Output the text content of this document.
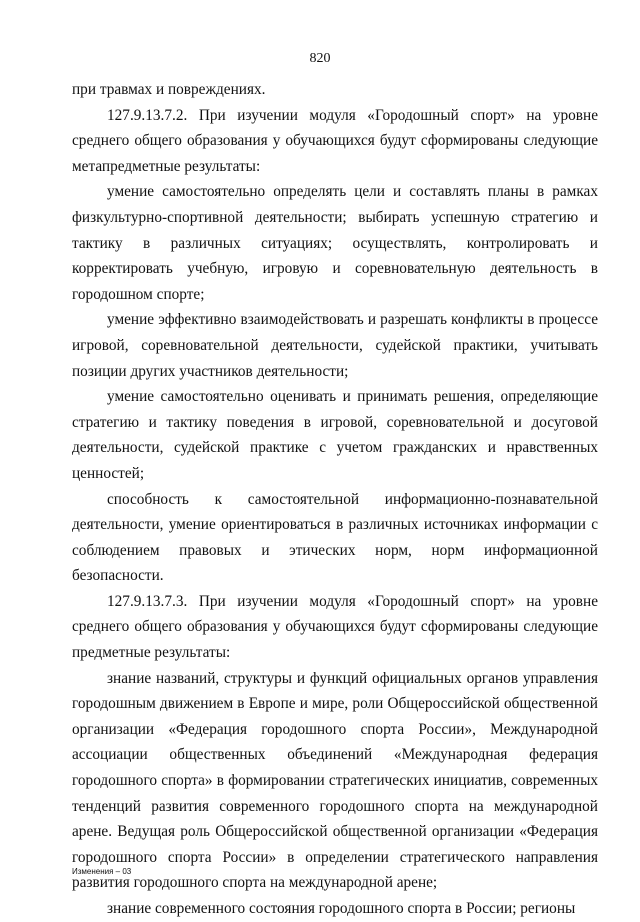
820

при травмах и повреждениях.

127.9.13.7.2. При изучении модуля «Городошный спорт» на уровне среднего общего образования у обучающихся будут сформированы следующие метапредметные результаты:

умение самостоятельно определять цели и составлять планы в рамках физкультурно-спортивной деятельности; выбирать успешную стратегию и тактику в различных ситуациях; осуществлять, контролировать и корректировать учебную, игровую и соревновательную деятельность в городошном спорте;

умение эффективно взаимодействовать и разрешать конфликты в процессе игровой, соревновательной деятельности, судейской практики, учитывать позиции других участников деятельности;

умение самостоятельно оценивать и принимать решения, определяющие стратегию и тактику поведения в игровой, соревновательной и досуговой деятельности, судейской практике с учетом гражданских и нравственных ценностей;

способность к самостоятельной информационно-познавательной деятельности, умение ориентироваться в различных источниках информации с соблюдением правовых и этических норм, норм информационной безопасности.

127.9.13.7.3. При изучении модуля «Городошный спорт» на уровне среднего общего образования у обучающихся будут сформированы следующие предметные результаты:

знание названий, структуры и функций официальных органов управления городошным движением в Европе и мире, роли Общероссийской общественной организации «Федерация городошного спорта России», Международной ассоциации общественных объединений «Международная федерация городошного спорта» в формировании стратегических инициатив, современных тенденций развития современного городошного спорта на международной арене. Ведущая роль Общероссийской общественной организации «Федерация городошного спорта России» в определении стратегического направления развития городошного спорта на международной арене;

знание современного состояния городошного спорта в России; регионы

Изменения – 03
